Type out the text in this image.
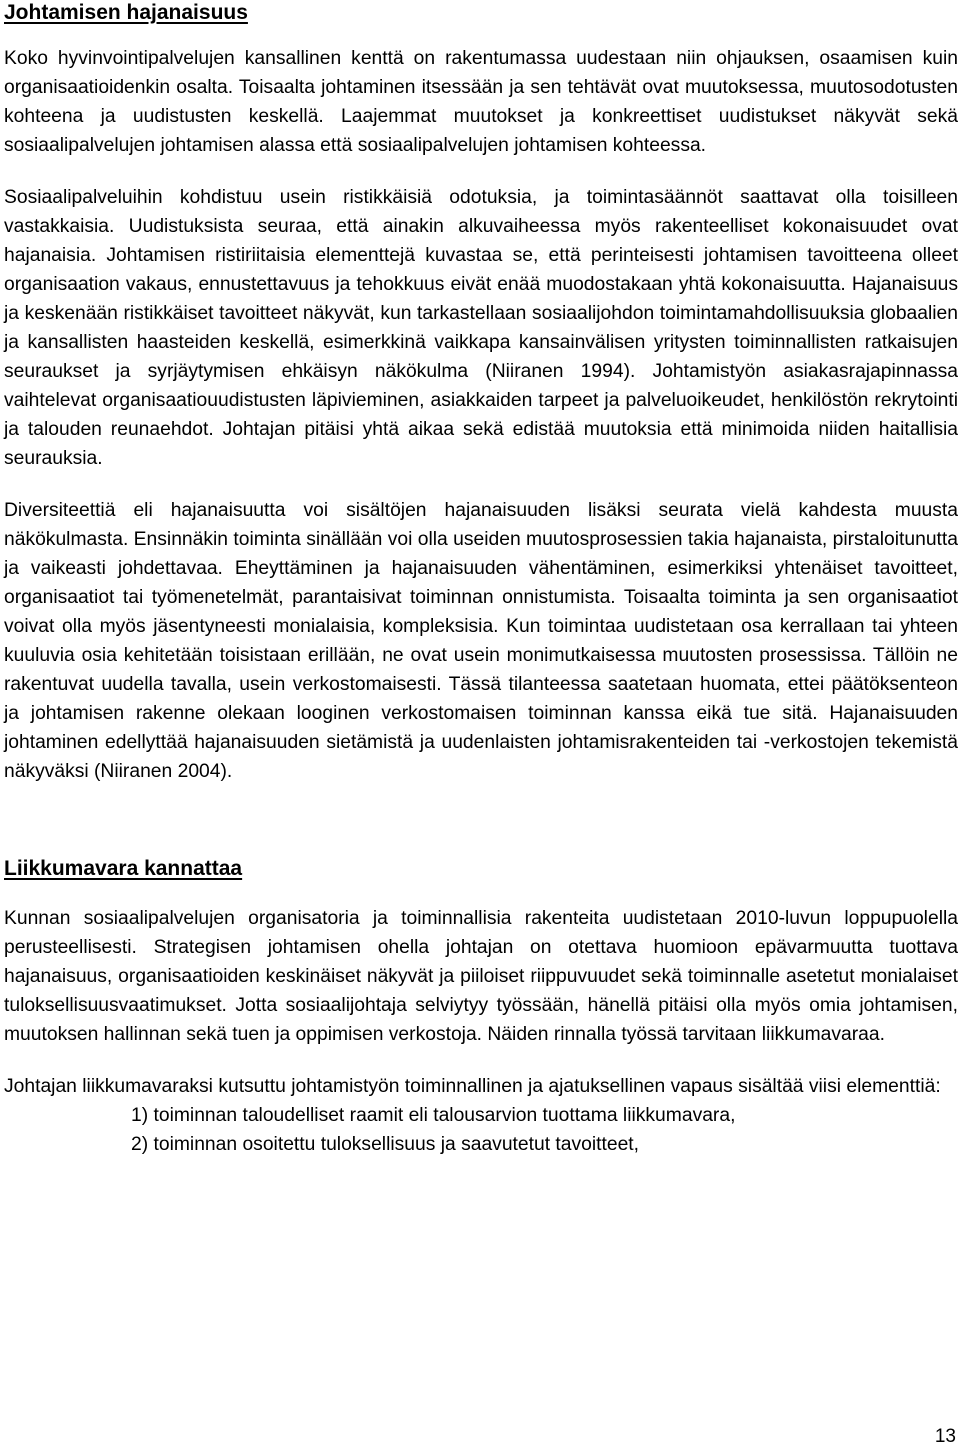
Johtamisen hajanaisuus

Koko hyvinvointipalvelujen kansallinen kenttä on rakentumassa uudestaan niin ohjauksen, osaamisen kuin organisaatioidenkin osalta. Toisaalta johtaminen itsessään ja sen tehtävät ovat muutoksessa, muutosodotusten kohteena ja uudistusten keskellä. Laajemmat muutokset ja konkreettiset uudistukset näkyvät sekä sosiaalipalvelujen johtamisen alassa että sosiaalipalvelujen johtamisen kohteessa.

Sosiaalipalveluihin kohdistuu usein ristikkäisiä odotuksia, ja toimintasäännöt saattavat olla toisilleen vastakkaisia. Uudistuksista seuraa, että ainakin alkuvaiheessa myös rakenteelliset kokonaisuudet ovat hajanaisia. Johtamisen ristiriitaisia elementtejä kuvastaa se, että perinteisesti johtamisen tavoitteena olleet organisaation vakaus, ennustettavuus ja tehokkuus eivät enää muodostakaan yhtä kokonaisuutta. Hajanaisuus ja keskenään ristikkäiset tavoitteet näkyvät, kun tarkastellaan sosiaalijohdon toimintamahdollisuuksia globaalien ja kansallisten haasteiden keskellä, esimerkkinä vaikkapa kansainvälisen yritysten toiminnallisten ratkaisujen seuraukset ja syrjäytymisen ehkäisyn näkökulma (Niiranen 1994). Johtamistyön asiakasrajapinnassa vaihtelevat organisaatiouudistusten läpivieminen, asiakkaiden tarpeet ja palveluoikeudet, henkilöstön rekrytointi ja talouden reunaehdot. Johtajan pitäisi yhtä aikaa sekä edistää muutoksia että minimoida niiden haitallisia seurauksia.

Diversiteettiä eli hajanaisuutta voi sisältöjen hajanaisuuden lisäksi seurata vielä kahdesta muusta näkökulmasta. Ensinnäkin toiminta sinällään voi olla useiden muutosprosessien takia hajanaista, pirstaloitunutta ja vaikeasti johdettavaa. Eheyttäminen ja hajanaisuuden vähentäminen, esimerkiksi yhtenäiset tavoitteet, organisaatiot tai työmenetelmät, parantaisivat toiminnan onnistumista. Toisaalta toiminta ja sen organisaatiot voivat olla myös jäsentyneesti monialaisia, kompleksisia. Kun toimintaa uudistetaan osa kerrallaan tai yhteen kuuluvia osia kehitetään toisistaan erillään, ne ovat usein monimutkaisessa muutosten prosessissa. Tällöin ne rakentuvat uudella tavalla, usein verkostomaisesti. Tässä tilanteessa saatetaan huomata, ettei päätöksenteon ja johtamisen rakenne olekaan looginen verkostomaisen toiminnan kanssa eikä tue sitä. Hajanaisuuden johtaminen edellyttää hajanaisuuden sietämistä ja uudenlaisten johtamisrakenteiden tai -verkostojen tekemistä näkyväksi (Niiranen 2004).

Liikkumavara kannattaa

Kunnan sosiaalipalvelujen organisatoria ja toiminnallisia rakenteita uudistetaan 2010-luvun loppupuolella perusteellisesti. Strategisen johtamisen ohella johtajan on otettava huomioon epävarmuutta tuottava hajanaisuus, organisaatioiden keskinäiset näkyvät ja piiloiset riippuvuudet sekä toiminnalle asetetut monialaiset tuloksellisuusvaatimukset. Jotta sosiaalijohtaja selviytyy työssään, hänellä pitäisi olla myös omia johtamisen, muutoksen hallinnan sekä tuen ja oppimisen verkostoja. Näiden rinnalla työssä tarvitaan liikkumavaraa.

Johtajan liikkumavaraksi kutsuttu johtamistyön toiminnallinen ja ajatuksellinen vapaus sisältää viisi elementtiä:

1) toiminnan taloudelliset raamit eli talousarvion tuottama liikkumavara,
2) toiminnan osoitettu tuloksellisuus ja saavutetut tavoitteet,
13
